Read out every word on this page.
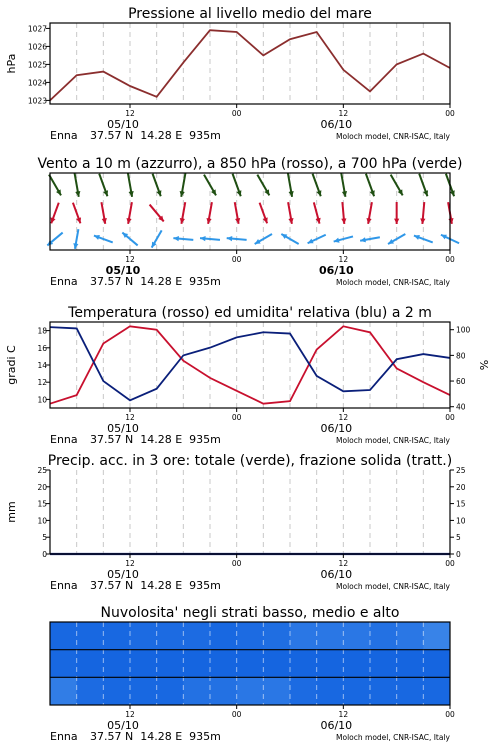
Pressione al livello medio del mare
1023
1024
1025
1026
1027
hPa
12	00	12	00
05/10	06/10
Enna 37.57 N  14.28 E  935m	Moloch model, CNR-ISAC, Italy
Vento a 10 m (azzurro), a 850 hPa (rosso), a 700 hPa (verde)
12	00	12	00
05/10	06/10
Enna 37.57 N  14.28 E  935m	Moloch model, CNR-ISAC, Italy
Temperatura (rosso) ed umidita' relativa (blu) a 2 m
10
12
14
16
18
40
60
80
100
gradi C	%
12	00	12	00
05/10	06/10
Enna 37.57 N  14.28 E  935m	Moloch model, CNR-ISAC, Italy
Precip. acc. in 3 ore: totale (verde), frazione solida (tratt.)
0	0
5	5
10	10
15	15
20	20
25	25
mm
12	00	12	00
05/10	06/10
Enna 37.57 N  14.28 E  935m	Moloch model, CNR-ISAC, Italy
Nuvolosita' negli strati basso, medio e alto
12	00	12	00
05/10	06/10
Enna 37.57 N  14.28 E  935m	Moloch model, CNR-ISAC, Italy
